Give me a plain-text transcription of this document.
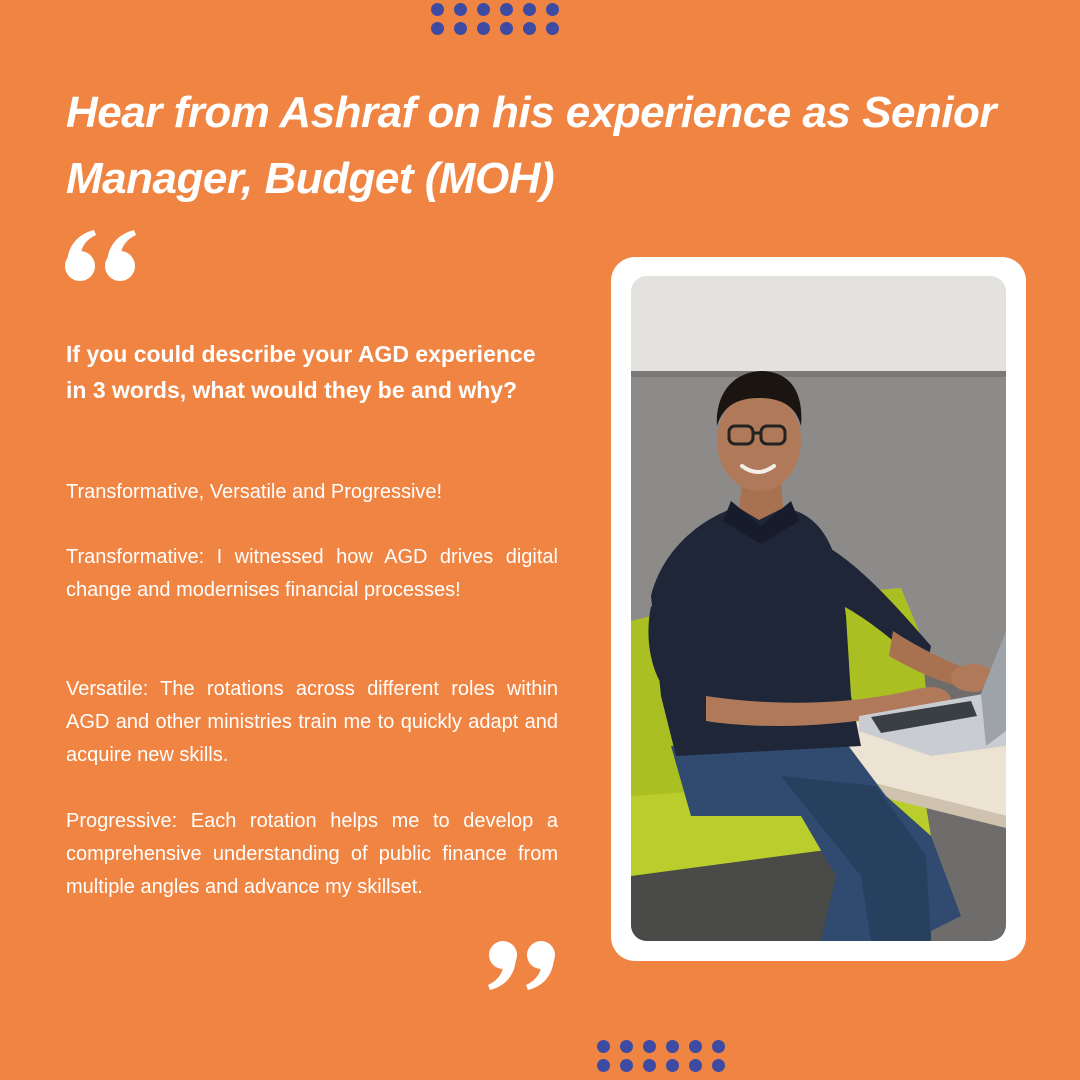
Hear from Ashraf on his experience as Senior Manager, Budget (MOH)

If you could describe your AGD experience in 3 words, what would they be and why?

Transformative, Versatile and Progressive!

Transformative: I witnessed how AGD drives digital change and modernises financial processes!

Versatile: The rotations across different roles within AGD and other ministries train me to quickly adapt and acquire new skills.

Progressive: Each rotation helps me to develop a comprehensive understanding of public finance from multiple angles and advance my skillset.
